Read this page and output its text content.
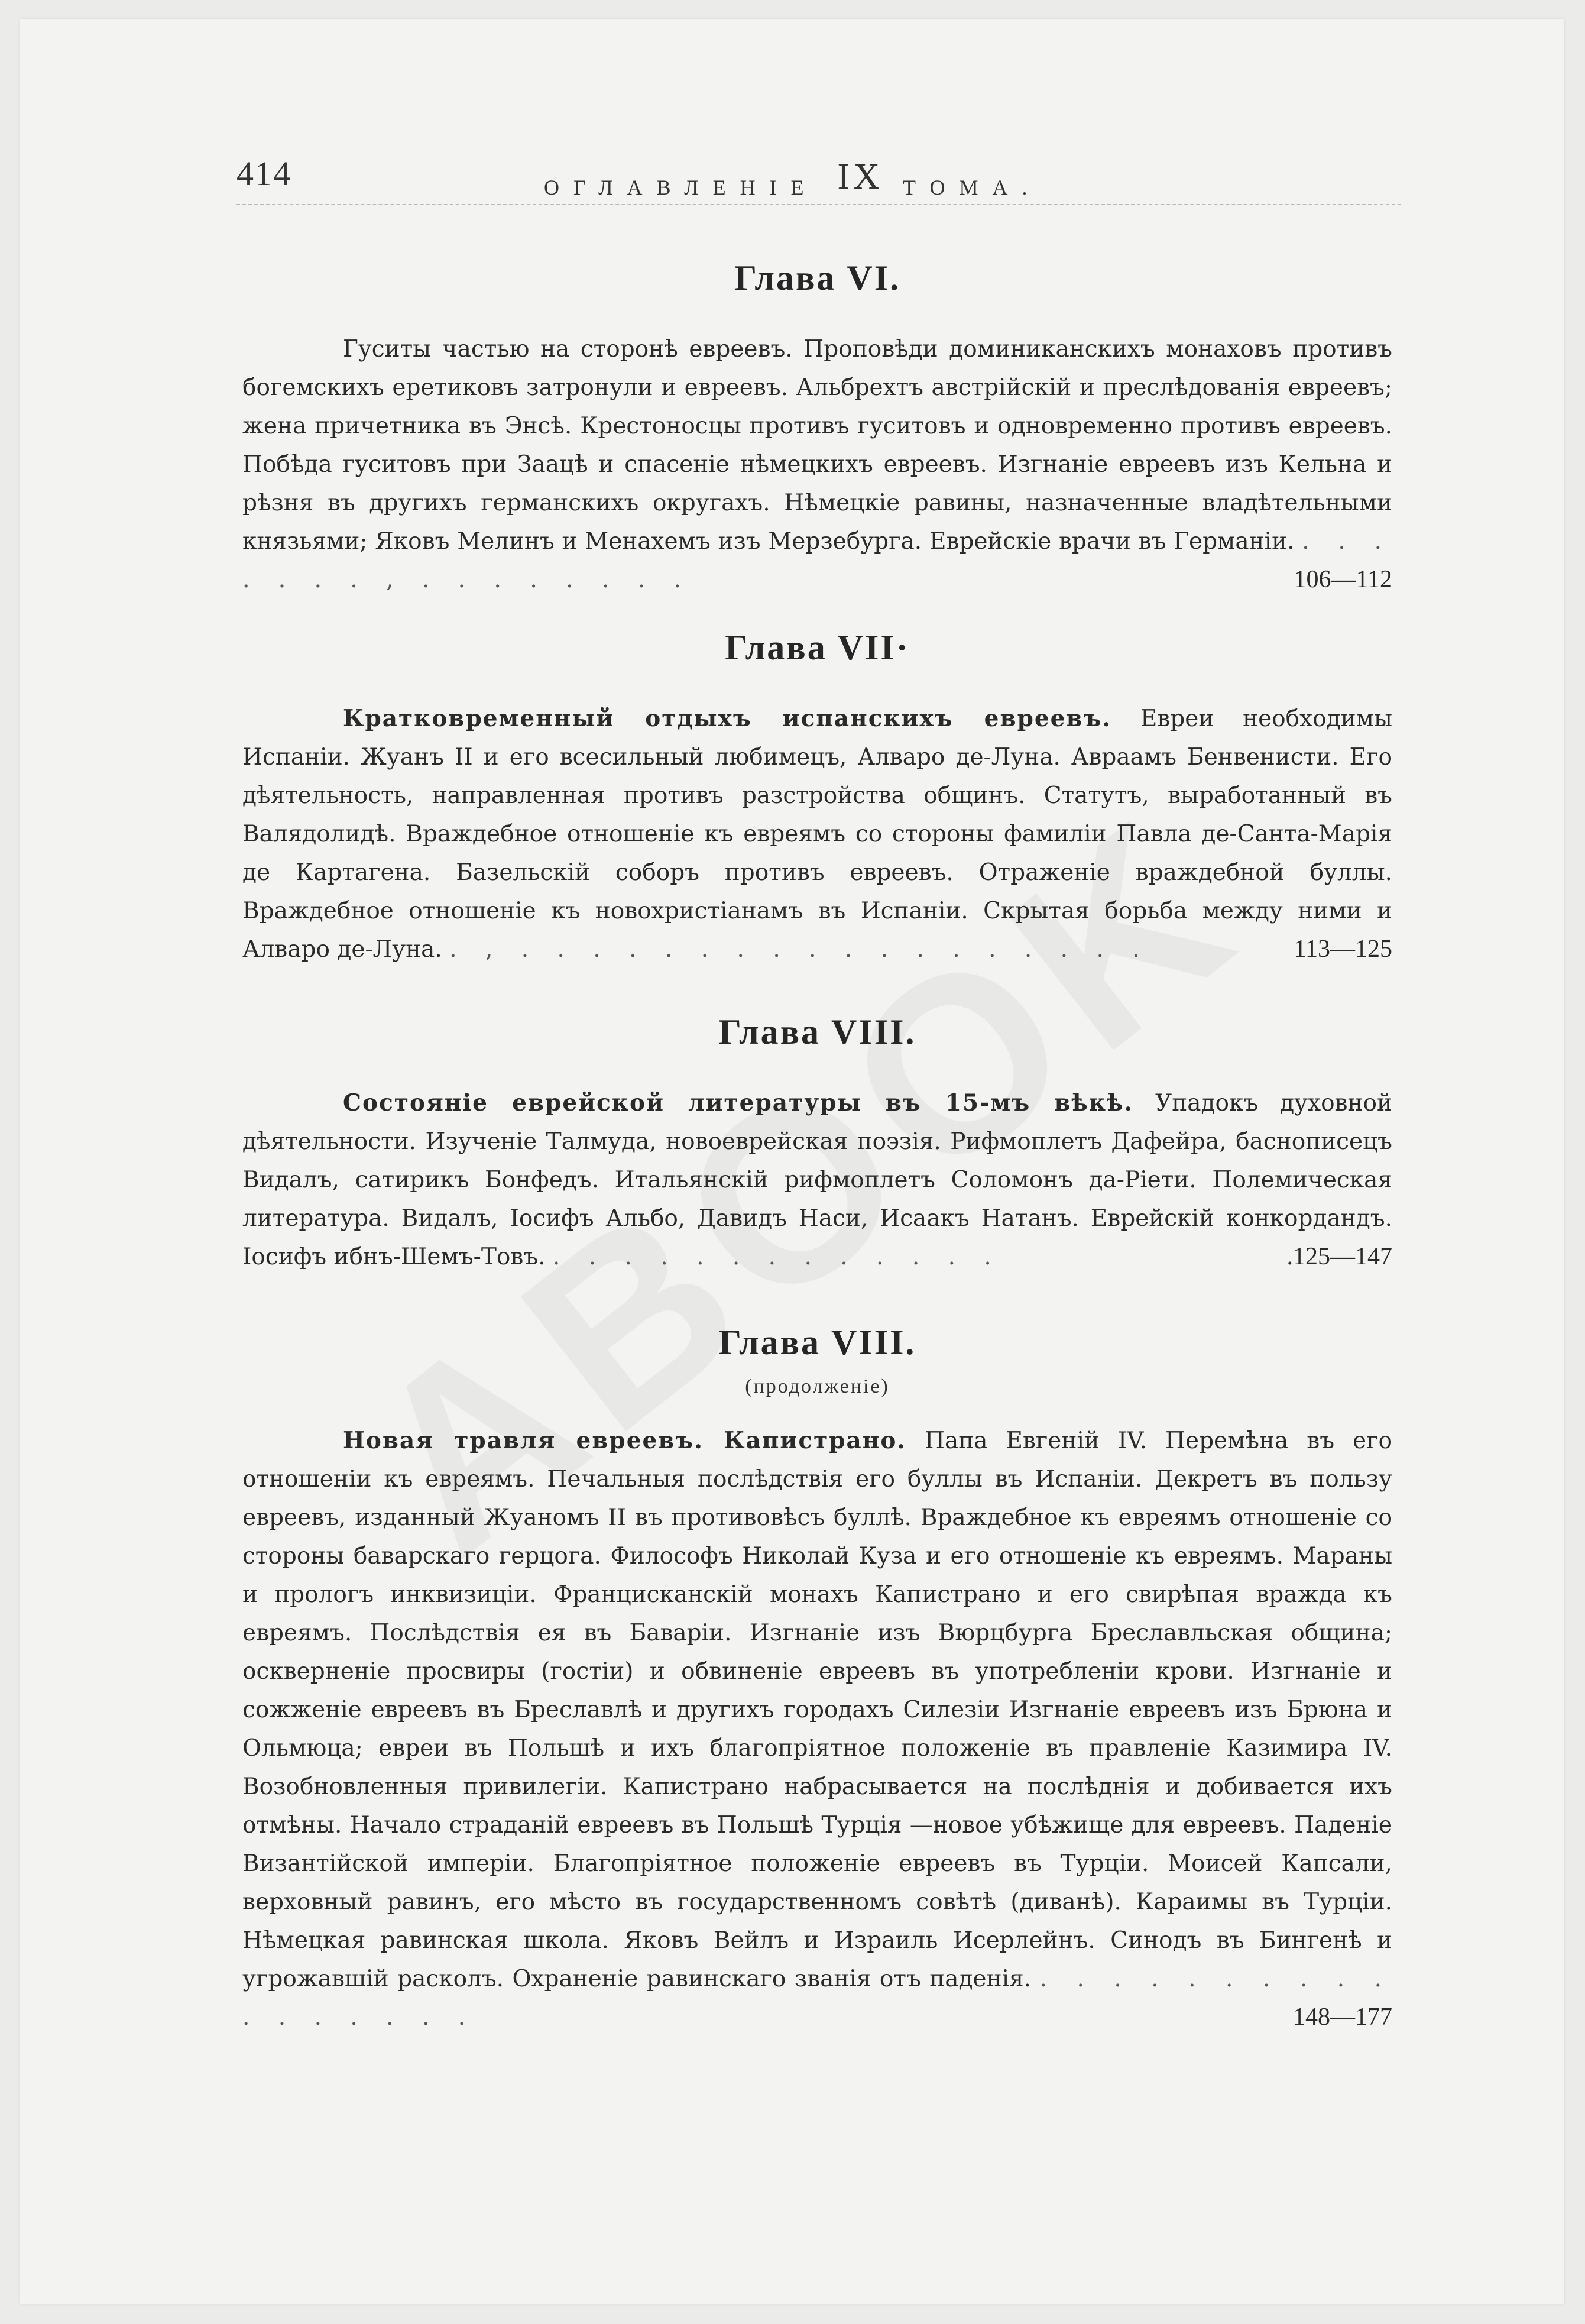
414	ОГЛАВЛЕНІЕ IX ТОМА.
Глава VI.

Гуситы частью на сторонѣ евреевъ. Проповѣди доминиканскихъ монаховъ противъ богемскихъ еретиковъ затронули и евреевъ. Альбрехтъ австрійскій и преслѣдованія евреевъ; жена причетника въ Энсѣ. Крестоносцы противъ гуситовъ и одновременно противъ евреевъ. Побѣда гуситовъ при Заацѣ и спасеніе нѣмецкихъ евреевъ. Изгнаніе евреевъ изъ Кельна и рѣзня въ другихъ германскихъ округахъ. Нѣмецкіе равины, назначенные владѣтельными князьями; Яковъ Мелинъ и Менахемъ изъ Мерзебурга. Еврейскіе врачи въ Германіи. . . . . . . . , . . . . . . . .	106—112

Глава VII·

Кратковременный отдыхъ испанскихъ евреевъ. Евреи необходимы Испаніи. Жуанъ II и его всесильный любимецъ, Алваро де-Луна. Авраамъ Бенвенисти. Его дѣятельность, направленная противъ разстройства общинъ. Статутъ, выработанный въ Валядолидѣ. Враждебное отношеніе къ евреямъ со стороны фамиліи Павла де-Санта-Марія де Картагена. Базельскій соборъ противъ евреевъ. Отраженіе враждебной буллы. Враждебное отношеніе къ новохристіанамъ въ Испаніи. Скрытая борьба между ними и Алваро де-Луна. . , . . . . . . . . . . . . . . . . . .	113—125

Глава VIII.

Состояніе еврейской литературы въ 15-мъ вѣкѣ. Упадокъ духовной дѣятельности. Изученіе Талмуда, новоеврейская поэзія. Рифмоплетъ Дафейра, баснописецъ Видалъ, сатирикъ Бонфедъ. Итальянскій рифмоплетъ Соломонъ да-Ріети. Полемическая литература. Видалъ, Іосифъ Альбо, Давидъ Наси, Исаакъ Натанъ. Еврейскій конкордандъ. Іосифъ ибнъ-Шемъ-Товъ. . . . . . . . . . . . . .	.125—147

Глава VIII.
(продолженіе)

Новая травля евреевъ. Капистрано. Папа Евгеній IV. Перемѣна въ его отношеніи къ евреямъ. Печальныя послѣдствія его буллы въ Испаніи. Декретъ въ пользу евреевъ, изданный Жуаномъ II въ противовѣсъ буллѣ. Враждебное къ евреямъ отношеніе со стороны баварскаго герцога. Философъ Николай Куза и его отношеніе къ евреямъ. Мараны и прологъ инквизиціи. Францисканскій монахъ Капистрано и его свирѣпая вражда къ евреямъ. Послѣдствія ея въ Баваріи. Изгнаніе изъ Вюрцбурга Бреславльская община; оскверненіе просвиры (гостіи) и обвиненіе евреевъ въ употребленіи крови. Изгнаніе и сожженіе евреевъ въ Бреславлѣ и другихъ городахъ Силезіи Изгнаніе евреевъ изъ Брюна и Ольмюца; евреи въ Польшѣ и ихъ благопріятное положеніе въ правленіе Казимира IV. Возобновленныя привилегіи. Капистрано набрасывается на послѣднія и добивается ихъ отмѣны. Начало страданій евреевъ въ Польшѣ Турція —новое убѣжище для евреевъ. Паденіе Византійской имперіи. Благопріятное положеніе евреевъ въ Турціи. Моисей Капсали, верховный равинъ, его мѣсто въ государственномъ совѣтѣ (диванѣ). Караимы въ Турціи. Нѣмецкая равинская школа. Яковъ Вейлъ и Израиль Исерлейнъ. Синодъ въ Бингенѣ и угрожавшій расколъ. Охраненіе равинскаго званія отъ паденія. . . . . . . . . . . . . . . . . .	148—177
